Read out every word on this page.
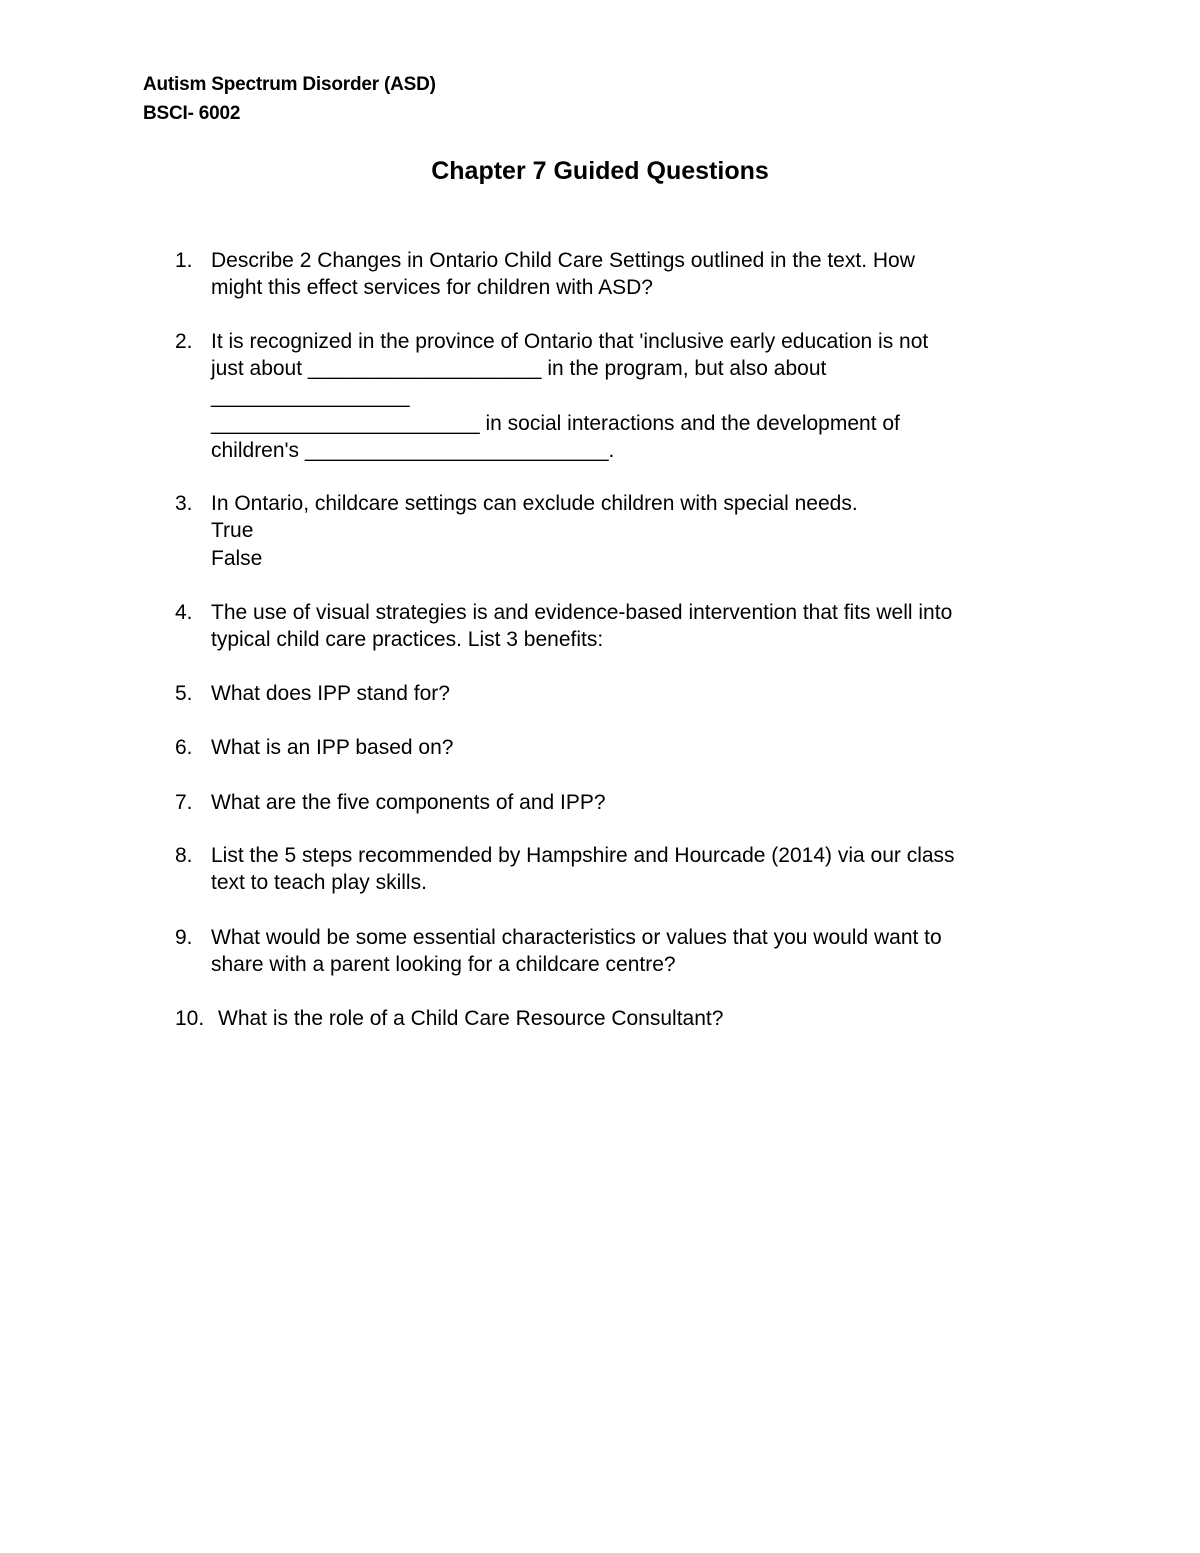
Autism Spectrum Disorder (ASD)
BSCI- 6002
Chapter 7 Guided Questions
1. Describe 2 Changes in Ontario Child Care Settings outlined in the text. How
might this effect services for children with ASD?
2. It is recognized in the province of Ontario that 'inclusive early education is not
just about ____________________ in the program, but also about
_________________
_______________________ in social interactions and the development of
children's __________________________.
3. In Ontario, childcare settings can exclude children with special needs.
True
False
4. The use of visual strategies is and evidence-based intervention that fits well into
typical child care practices. List 3 benefits:
5. What does IPP stand for?
6. What is an IPP based on?
7. What are the five components of and IPP?
8. List the 5 steps recommended by Hampshire and Hourcade (2014) via our class
text to teach play skills.
9. What would be some essential characteristics or values that you would want to
share with a parent looking for a childcare centre?
10. What is the role of a Child Care Resource Consultant?
